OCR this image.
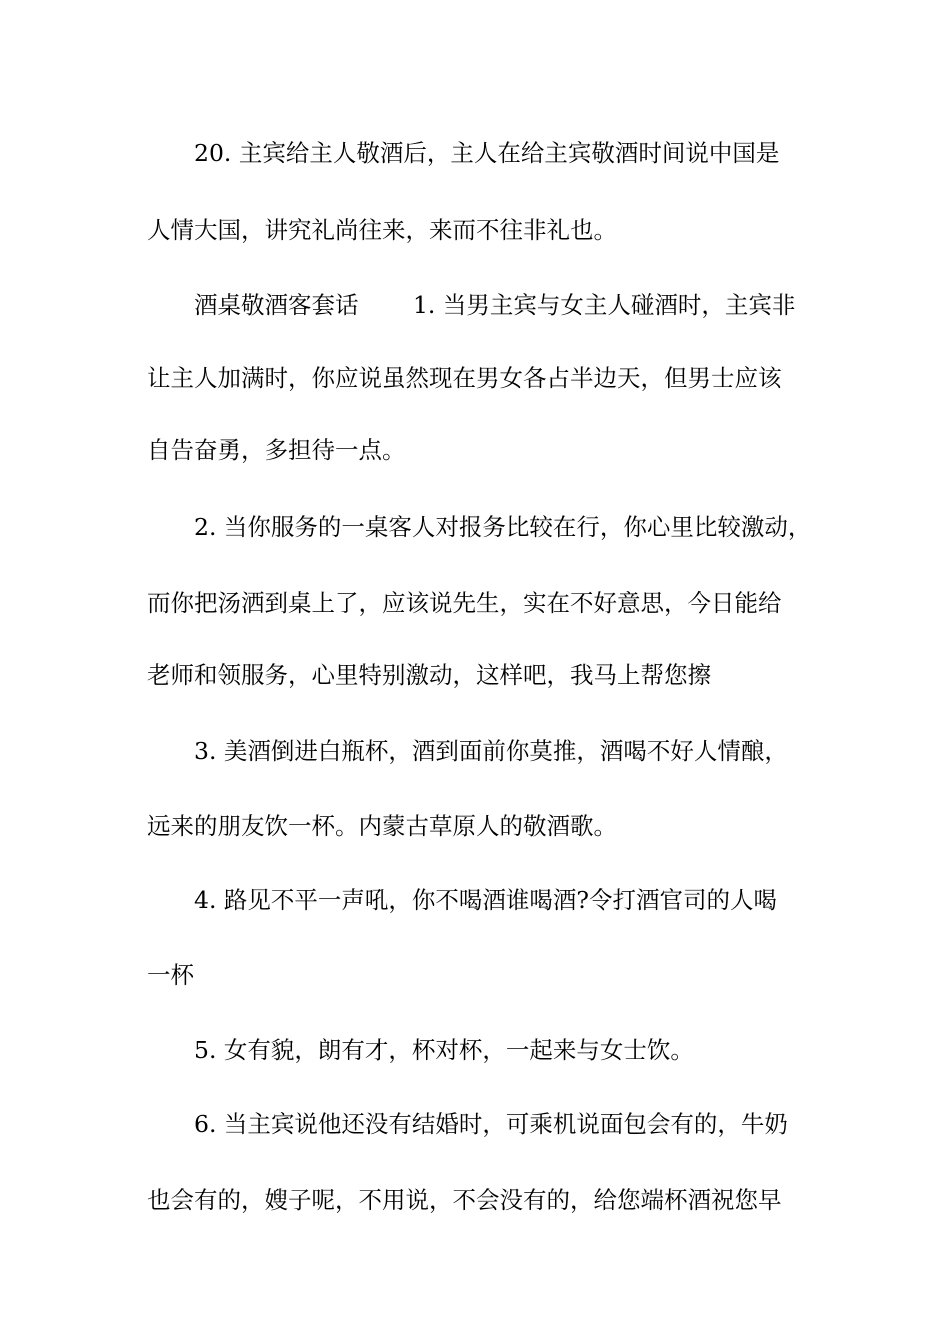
20. 主宾给主人敬酒后，主人在给主宾敬酒时间说中国是
人情大国，讲究礼尚往来，来而不往非礼也。
酒桌敬酒客套话　　 1. 当男主宾与女主人碰酒时，主宾非
让主人加满时，你应说虽然现在男女各占半边天，但男士应该
自告奋勇，多担待一点。
2. 当你服务的一桌客人对报务比较在行，你心里比较激动，
而你把汤洒到桌上了，应该说先生，实在不好意思，今日能给
老师和领服务，心里特别激动，这样吧，我马上帮您擦
3. 美酒倒进白瓶杯，酒到面前你莫推，酒喝不好人情酿，
远来的朋友饮一杯。内蒙古草原人的敬酒歌。
4. 路见不平一声吼，你不喝酒谁喝酒?令打酒官司的人喝
一杯
5. 女有貌，朗有才，杯对杯，一起来与女士饮。
6. 当主宾说他还没有结婚时，可乘机说面包会有的，牛奶
也会有的，嫂子呢，不用说，不会没有的，给您端杯酒祝您早
